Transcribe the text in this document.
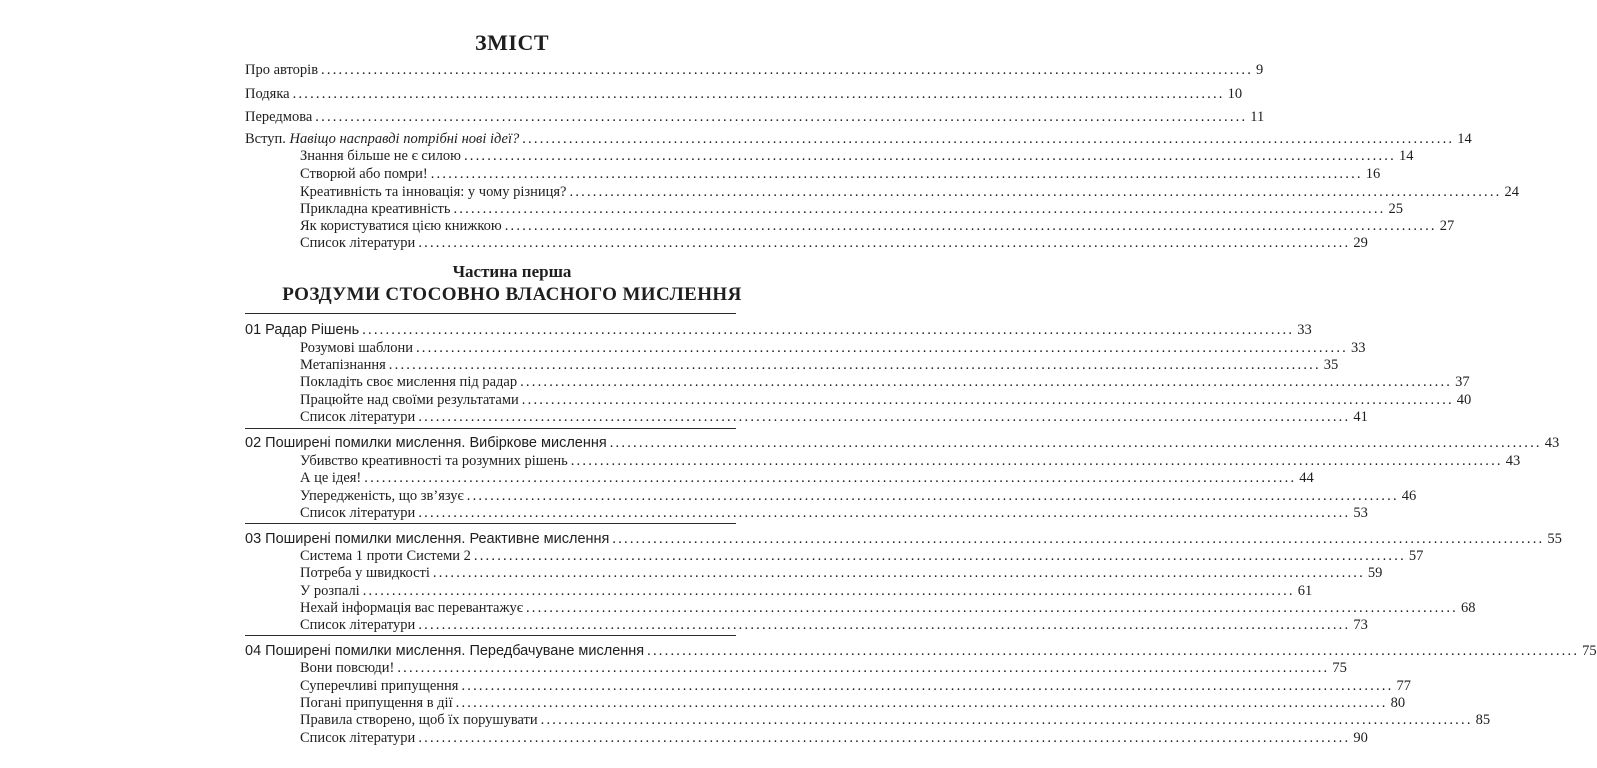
ЗМІСТ
Про авторів ................................................................................................................................................................ 9
Подяка ................................................................................................................................................................ 10
Передмова ................................................................................................................................................................ 11
Вступ. Навіщо насправді потрібні нові ідеї? ................................................................................................................................................................ 14
Знання більше не є силою ................................................................................................................................................................ 14
Створюй або помри! ................................................................................................................................................................ 16
Креативність та інновація: у чому різниця? ................................................................................................................................................................ 24
Прикладна креативність ................................................................................................................................................................ 25
Як користуватися цією книжкою ................................................................................................................................................................ 27
Список літератури ................................................................................................................................................................ 29
Частина перша
РОЗДУМИ СТОСОВНО ВЛАСНОГО МИСЛЕННЯ
01 Радар Рішень ................................................................................................................................................................ 33
Розумові шаблони ................................................................................................................................................................ 33
Метапізнання ................................................................................................................................................................ 35
Покладіть своє мислення під радар ................................................................................................................................................................ 37
Працюйте над своїми результатами ................................................................................................................................................................ 40
Список літератури ................................................................................................................................................................ 41
02 Поширені помилки мислення. Вибіркове мислення ................................................................................................................................................................ 43
Убивство креативності та розумних рішень ................................................................................................................................................................ 43
А це ідея! ................................................................................................................................................................ 44
Упередженість, що зв’язує ................................................................................................................................................................ 46
Список літератури ................................................................................................................................................................ 53
03 Поширені помилки мислення. Реактивне мислення ................................................................................................................................................................ 55
Система 1 проти Системи 2 ................................................................................................................................................................ 57
Потреба у швидкості ................................................................................................................................................................ 59
У розпалі ................................................................................................................................................................ 61
Нехай інформація вас перевантажує ................................................................................................................................................................ 68
Список літератури ................................................................................................................................................................ 73
04 Поширені помилки мислення. Передбачуване мислення ................................................................................................................................................................ 75
Вони повсюди! ................................................................................................................................................................ 75
Суперечливі припущення ................................................................................................................................................................ 77
Погані припущення в дії ................................................................................................................................................................ 80
Правила створено, щоб їх порушувати ................................................................................................................................................................ 85
Список літератури ................................................................................................................................................................ 90
